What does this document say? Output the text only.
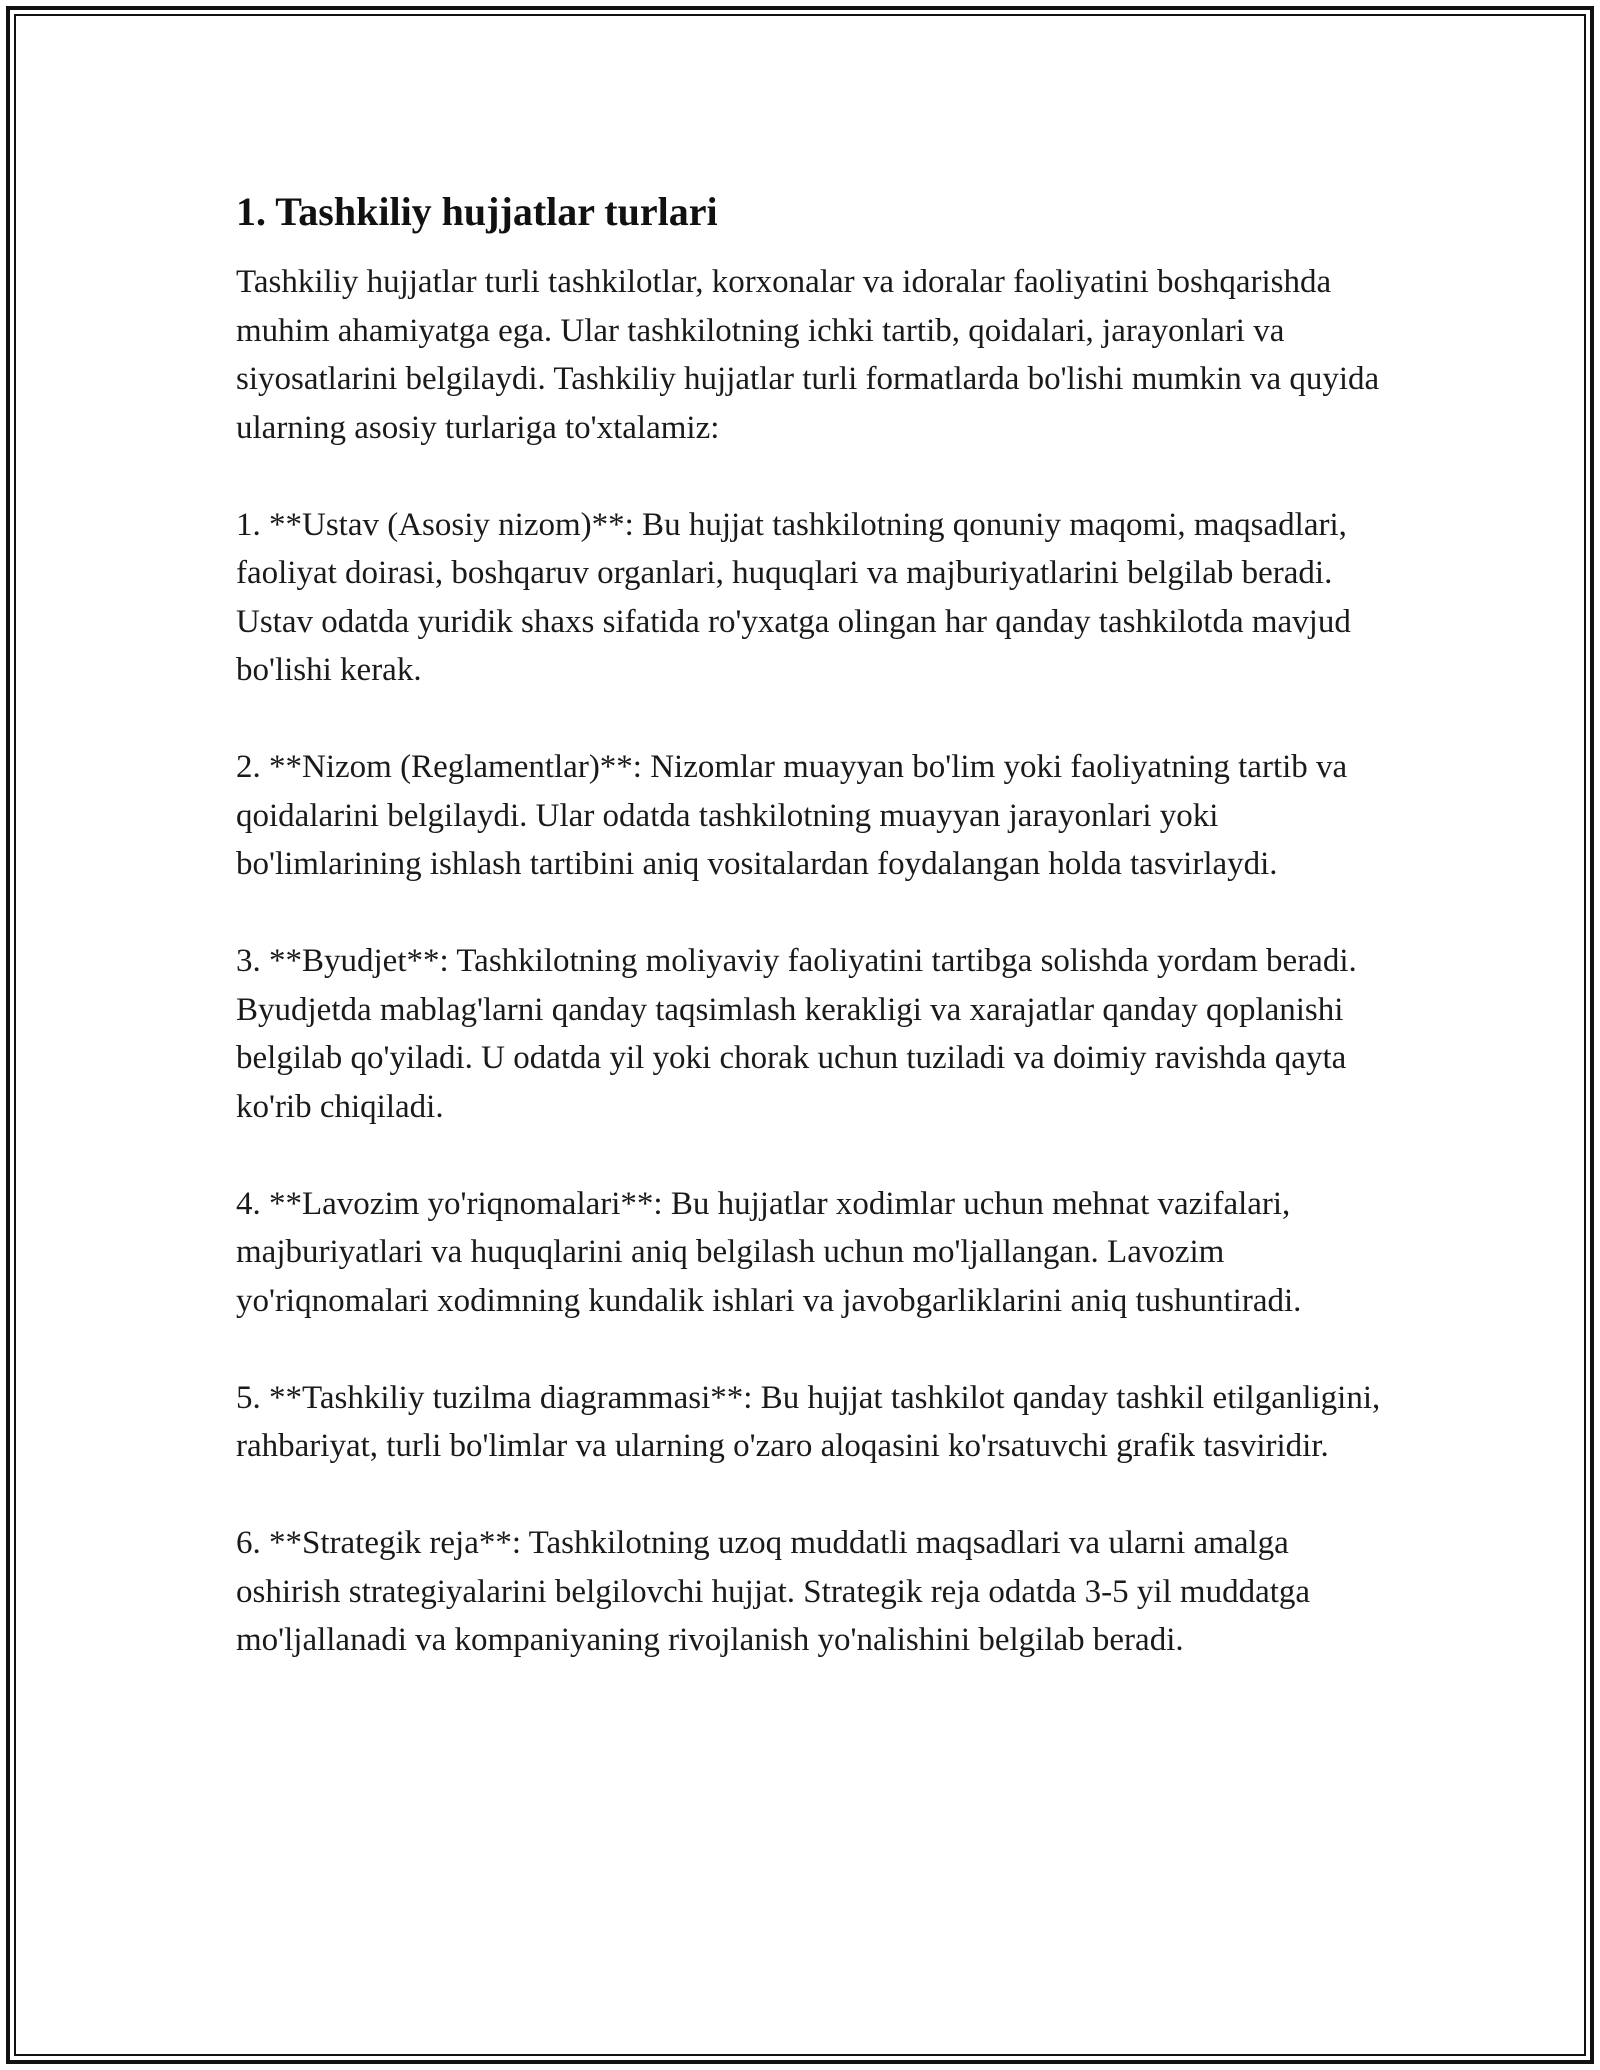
1. Tashkiliy hujjatlar turlari

Tashkiliy hujjatlar turli tashkilotlar, korxonalar va idoralar faoliyatini boshqarishda muhim ahamiyatga ega. Ular tashkilotning ichki tartib, qoidalari, jarayonlari va siyosatlarini belgilaydi. Tashkiliy hujjatlar turli formatlarda bo'lishi mumkin va quyida ularning asosiy turlariga to'xtalamiz:

1. **Ustav (Asosiy nizom)**: Bu hujjat tashkilotning qonuniy maqomi, maqsadlari, faoliyat doirasi, boshqaruv organlari, huquqlari va majburiyatlarini belgilab beradi. Ustav odatda yuridik shaxs sifatida ro'yxatga olingan har qanday tashkilotda mavjud bo'lishi kerak.

2. **Nizom (Reglamentlar)**: Nizomlar muayyan bo'lim yoki faoliyatning tartib va qoidalarini belgilaydi. Ular odatda tashkilotning muayyan jarayonlari yoki bo'limlarining ishlash tartibini aniq vositalardan foydalangan holda tasvirlaydi.

3. **Byudjet**: Tashkilotning moliyaviy faoliyatini tartibga solishda yordam beradi. Byudjetda mablag'larni qanday taqsimlash kerakligi va xarajatlar qanday qoplanishi belgilab qo'yiladi. U odatda yil yoki chorak uchun tuziladi va doimiy ravishda qayta ko'rib chiqiladi.

4. **Lavozim yo'riqnomalari**: Bu hujjatlar xodimlar uchun mehnat vazifalari, majburiyatlari va huquqlarini aniq belgilash uchun mo'ljallangan. Lavozim yo'riqnomalari xodimning kundalik ishlari va javobgarliklarini aniq tushuntiradi.

5. **Tashkiliy tuzilma diagrammasi**: Bu hujjat tashkilot qanday tashkil etilganligini, rahbariyat, turli bo'limlar va ularning o'zaro aloqasini ko'rsatuvchi grafik tasviridir.

6. **Strategik reja**: Tashkilotning uzoq muddatli maqsadlari va ularni amalga oshirish strategiyalarini belgilovchi hujjat. Strategik reja odatda 3-5 yil muddatga mo'ljallanadi va kompaniyaning rivojlanish yo'nalishini belgilab beradi.
